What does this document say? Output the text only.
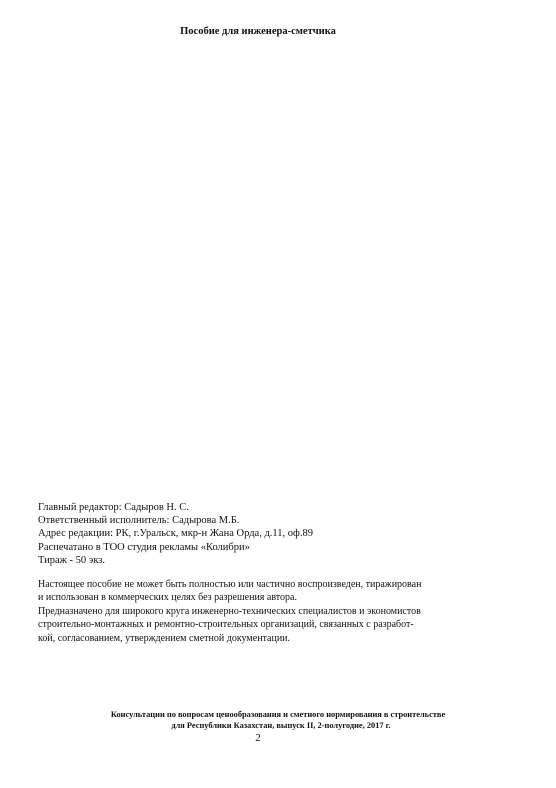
Пособие для инженера-сметчика
Главный редактор: Садыров Н. С.
Ответственный исполнитель: Садырова М.Б.
Адрес редакции: РК, г.Уральск, мкр-н Жана Орда, д.11, оф.89
Распечатано в ТОО студия рекламы «Колибри»
Тираж - 50 экз.
Настоящее пособие не может быть полностью или частично воспроизведен, тиражирован
и использован в коммерческих целях без разрешения автора.
Предназначено для широкого круга инженерно-технических специалистов и экономистов
строительно-монтажных и ремонтно-строительных организаций, связанных с разработ-
кой, согласованием, утверждением сметной документации.
Консультации по вопросам ценообразования и сметного нормирования в строительстве
для Республики Казахстан, выпуск II, 2-полугодие, 2017 г.
2
